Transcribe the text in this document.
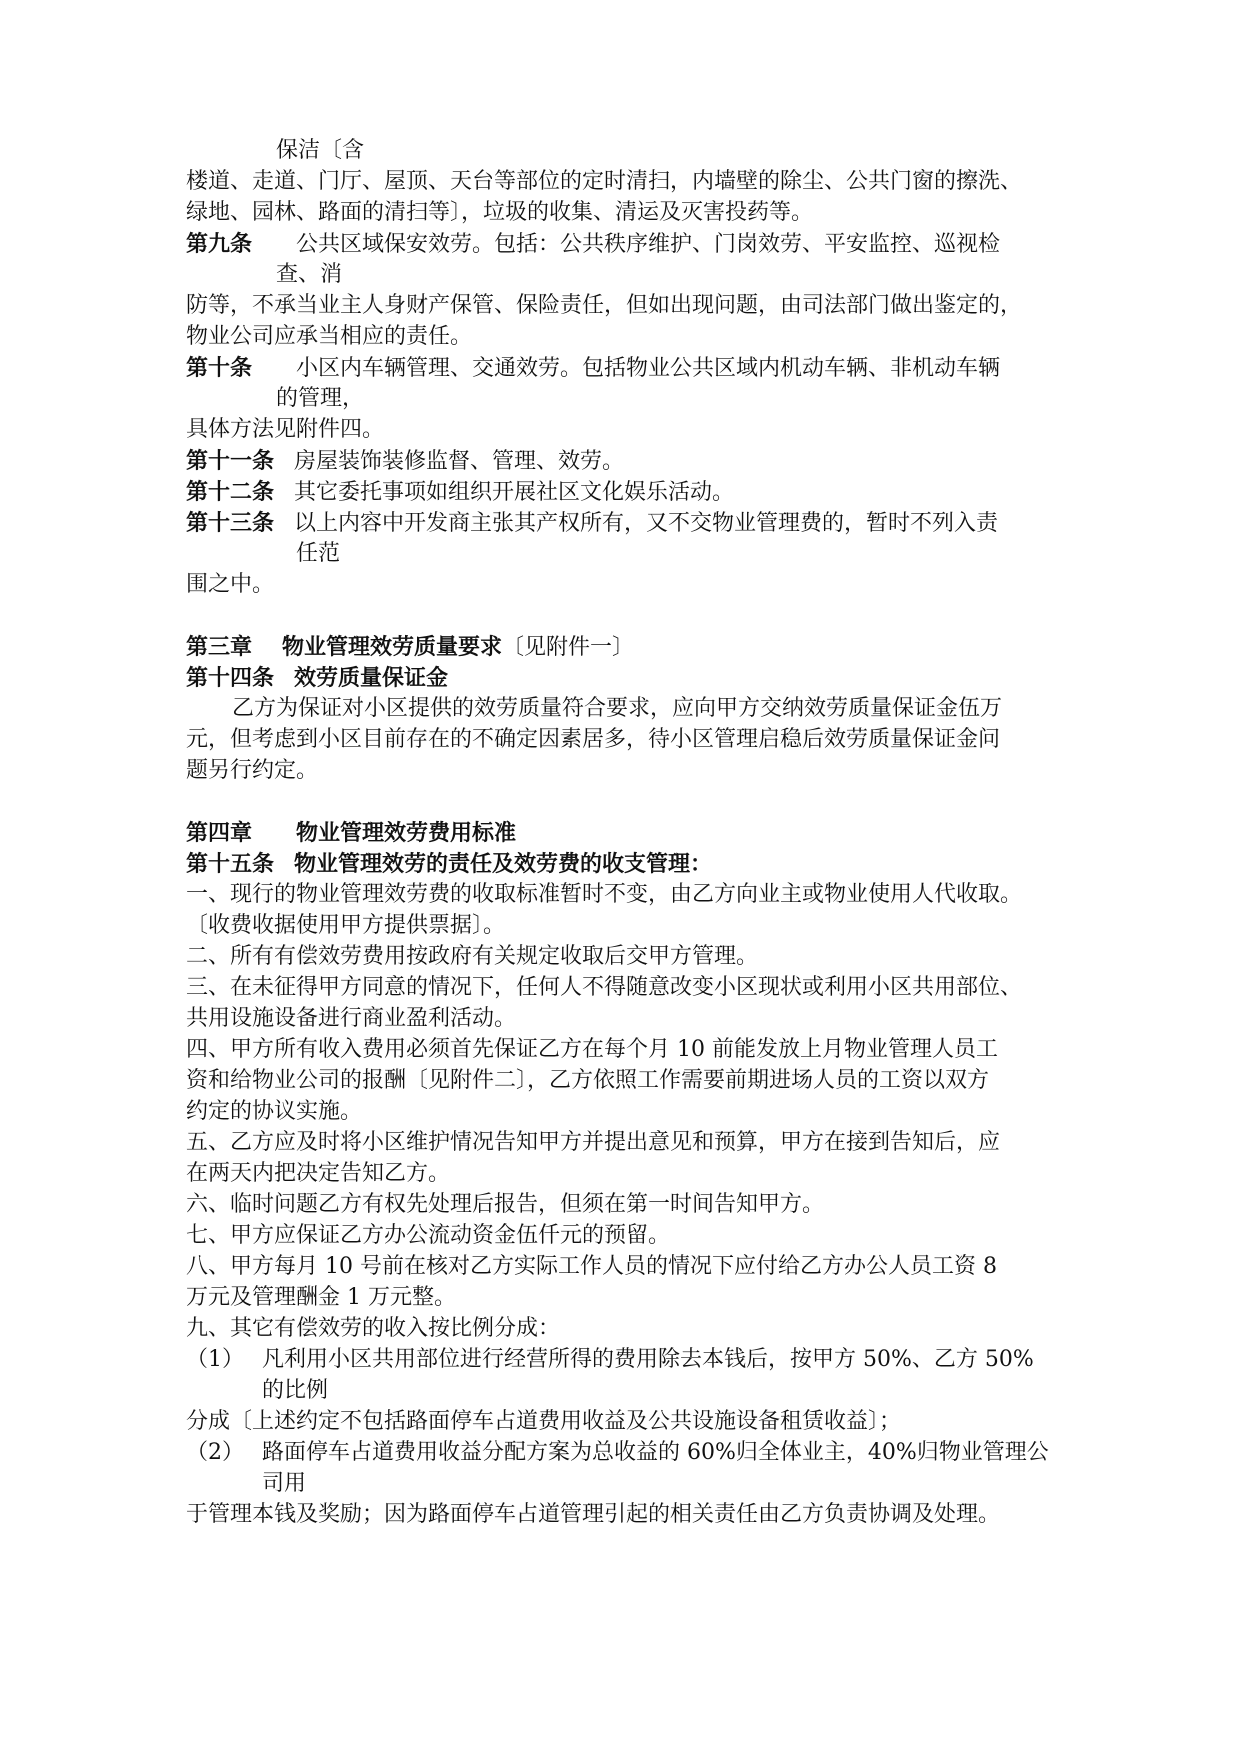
保洁〔含
楼道、走道、门厅、屋顶、天台等部位的定时清扫，内墙壁的除尘、公共门窗的擦洗、
绿地、园林、路面的清扫等〕，垃圾的收集、清运及灭害投药等。
第九条 公共区域保安效劳。包括：公共秩序维护、门岗效劳、平安监控、巡视检
查、消
防等，不承当业主人身财产保管、保险责任，但如出现问题，由司法部门做出鉴定的，
物业公司应承当相应的责任。
第十条 小区内车辆管理、交通效劳。包括物业公共区域内机动车辆、非机动车辆
的管理，
具体方法见附件四。
第十一条 房屋装饰装修监督、管理、效劳。
第十二条 其它委托事项如组织开展社区文化娱乐活动。
第十三条 以上内容中开发商主张其产权所有，又不交物业管理费的，暂时不列入责
任范
围之中。
第三章 物业管理效劳质量要求〔见附件一〕
第十四条 效劳质量保证金
乙方为保证对小区提供的效劳质量符合要求，应向甲方交纳效劳质量保证金伍万
元，但考虑到小区目前存在的不确定因素居多，待小区管理启稳后效劳质量保证金问
题另行约定。
第四章 物业管理效劳费用标准
第十五条 物业管理效劳的责任及效劳费的收支管理：
一、现行的物业管理效劳费的收取标准暂时不变，由乙方向业主或物业使用人代收取。
〔收费收据使用甲方提供票据〕。
二、所有有偿效劳费用按政府有关规定收取后交甲方管理。
三、在未征得甲方同意的情况下，任何人不得随意改变小区现状或利用小区共用部位、
共用设施设备进行商业盈利活动。
四、甲方所有收入费用必须首先保证乙方在每个月 10 前能发放上月物业管理人员工
资和给物业公司的报酬〔见附件二〕，乙方依照工作需要前期进场人员的工资以双方
约定的协议实施。
五、乙方应及时将小区维护情况告知甲方并提出意见和预算，甲方在接到告知后，应
在两天内把决定告知乙方。
六、临时问题乙方有权先处理后报告，但须在第一时间告知甲方。
七、甲方应保证乙方办公流动资金伍仟元的预留。
八、甲方每月 10 号前在核对乙方实际工作人员的情况下应付给乙方办公人员工资 8
万元及管理酬金 1 万元整。
九、其它有偿效劳的收入按比例分成：
（1） 凡利用小区共用部位进行经营所得的费用除去本钱后，按甲方 50%、乙方 50%
的比例
分成〔上述约定不包括路面停车占道费用收益及公共设施设备租赁收益〕；
（2） 路面停车占道费用收益分配方案为总收益的 60%归全体业主，40%归物业管理公
司用
于管理本钱及奖励；因为路面停车占道管理引起的相关责任由乙方负责协调及处理。
